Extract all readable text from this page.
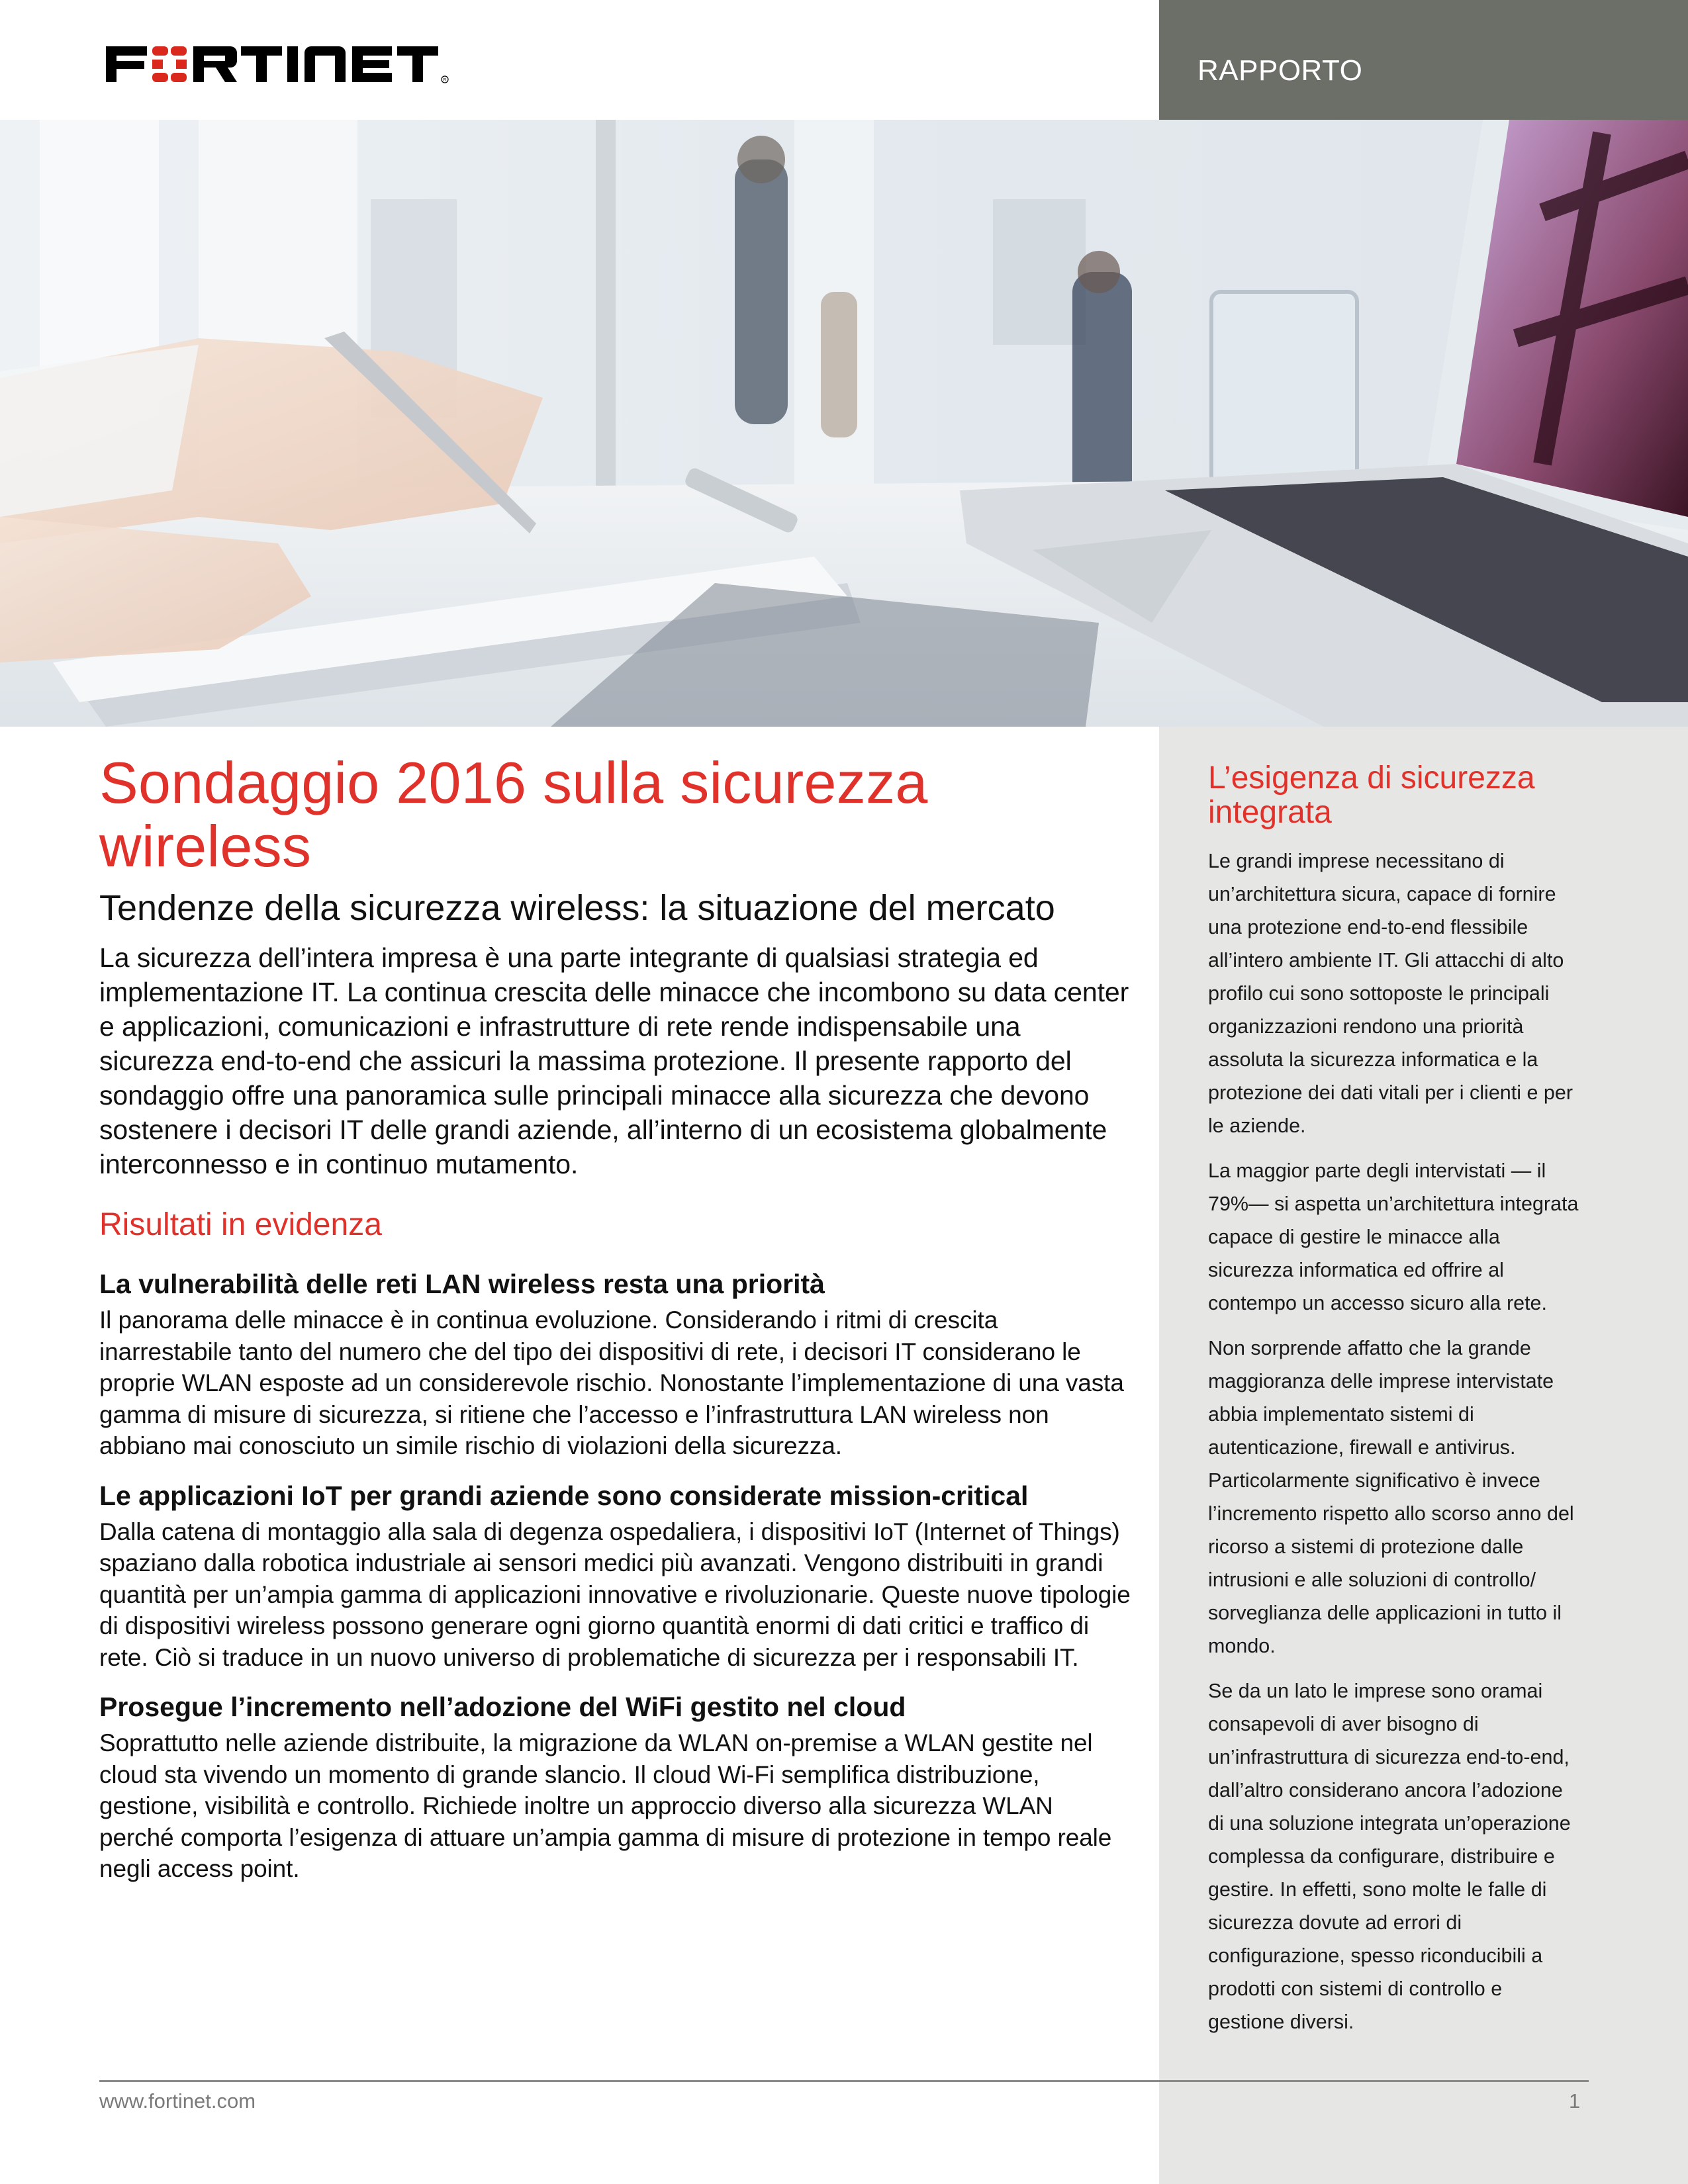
R	RAPPORTO
L’esigenza di sicurezza integrata

Le grandi imprese necessitano di un’architettura sicura, capace di fornire una protezione end-to-end flessibile all’intero ambiente IT. Gli attacchi di alto profilo cui sono sottoposte le principali organizzazioni rendono una priorità assoluta la sicurezza informatica e la protezione dei dati vitali per i clienti e per le aziende.

La maggior parte degli intervistati — il 79%— si aspetta un’architettura integrata capace di gestire le minacce alla sicurezza informatica ed offrire al contempo un accesso sicuro alla rete.

Non sorprende affatto che la grande maggioranza delle imprese intervistate abbia implementato sistemi di autenticazione, firewall e antivirus. Particolarmente significativo è invece l’incremento rispetto allo scorso anno del ricorso a sistemi di protezione dalle intrusioni e alle soluzioni di controllo/ sorveglianza delle applicazioni in tutto il mondo.

Se da un lato le imprese sono oramai consapevoli di aver bisogno di un’infrastruttura di sicurezza end-to-end, dall’altro considerano ancora l’adozione di una soluzione integrata un’operazione complessa da configurare, distribuire e gestire. In effetti, sono molte le falle di sicurezza dovute ad errori di configurazione, spesso riconducibili a prodotti con sistemi di controllo e gestione diversi.

Sondaggio 2016 sulla sicurezza wireless
Tendenze della sicurezza wireless: la situazione del mercato

La sicurezza dell’intera impresa è una parte integrante di qualsiasi strategia ed implementazione IT. La continua crescita delle minacce che incombono su data center e applicazioni, comunicazioni e infrastrutture di rete rende indispensabile una sicurezza end-to-end che assicuri la massima protezione. Il presente rapporto del sondaggio offre una panoramica sulle principali minacce alla sicurezza che devono sostenere i decisori IT delle grandi aziende, all’interno di un ecosistema globalmente interconnesso e in continuo mutamento.

Risultati in evidenza
La vulnerabilità delle reti LAN wireless resta una priorità

Il panorama delle minacce è in continua evoluzione. Considerando i ritmi di crescita inarrestabile tanto del numero che del tipo dei dispositivi di rete, i decisori IT considerano le proprie WLAN esposte ad un considerevole rischio. Nonostante l’implementazione di una vasta gamma di misure di sicurezza, si ritiene che l’accesso e l’infrastruttura LAN wireless non abbiano mai conosciuto un simile rischio di violazioni della sicurezza.

Le applicazioni IoT per grandi aziende sono considerate mission-critical

Dalla catena di montaggio alla sala di degenza ospedaliera, i dispositivi IoT (Internet of Things) spaziano dalla robotica industriale ai sensori medici più avanzati. Vengono distribuiti in grandi quantità per un’ampia gamma di applicazioni innovative e rivoluzionarie. Queste nuove tipologie di dispositivi wireless possono generare ogni giorno quantità enormi di dati critici e traffico di rete. Ciò si traduce in un nuovo universo di problematiche di sicurezza per i responsabili IT.

Prosegue l’incremento nell’adozione del WiFi gestito nel cloud

Soprattutto nelle aziende distribuite, la migrazione da WLAN on-premise a WLAN gestite nel cloud sta vivendo un momento di grande slancio. Il cloud Wi-Fi semplifica distribuzione, gestione, visibilità e controllo. Richiede inoltre un approccio diverso alla sicurezza WLAN perché comporta l’esigenza di attuare un’ampia gamma di misure di protezione in tempo reale negli access point.

www.fortinet.com	1
